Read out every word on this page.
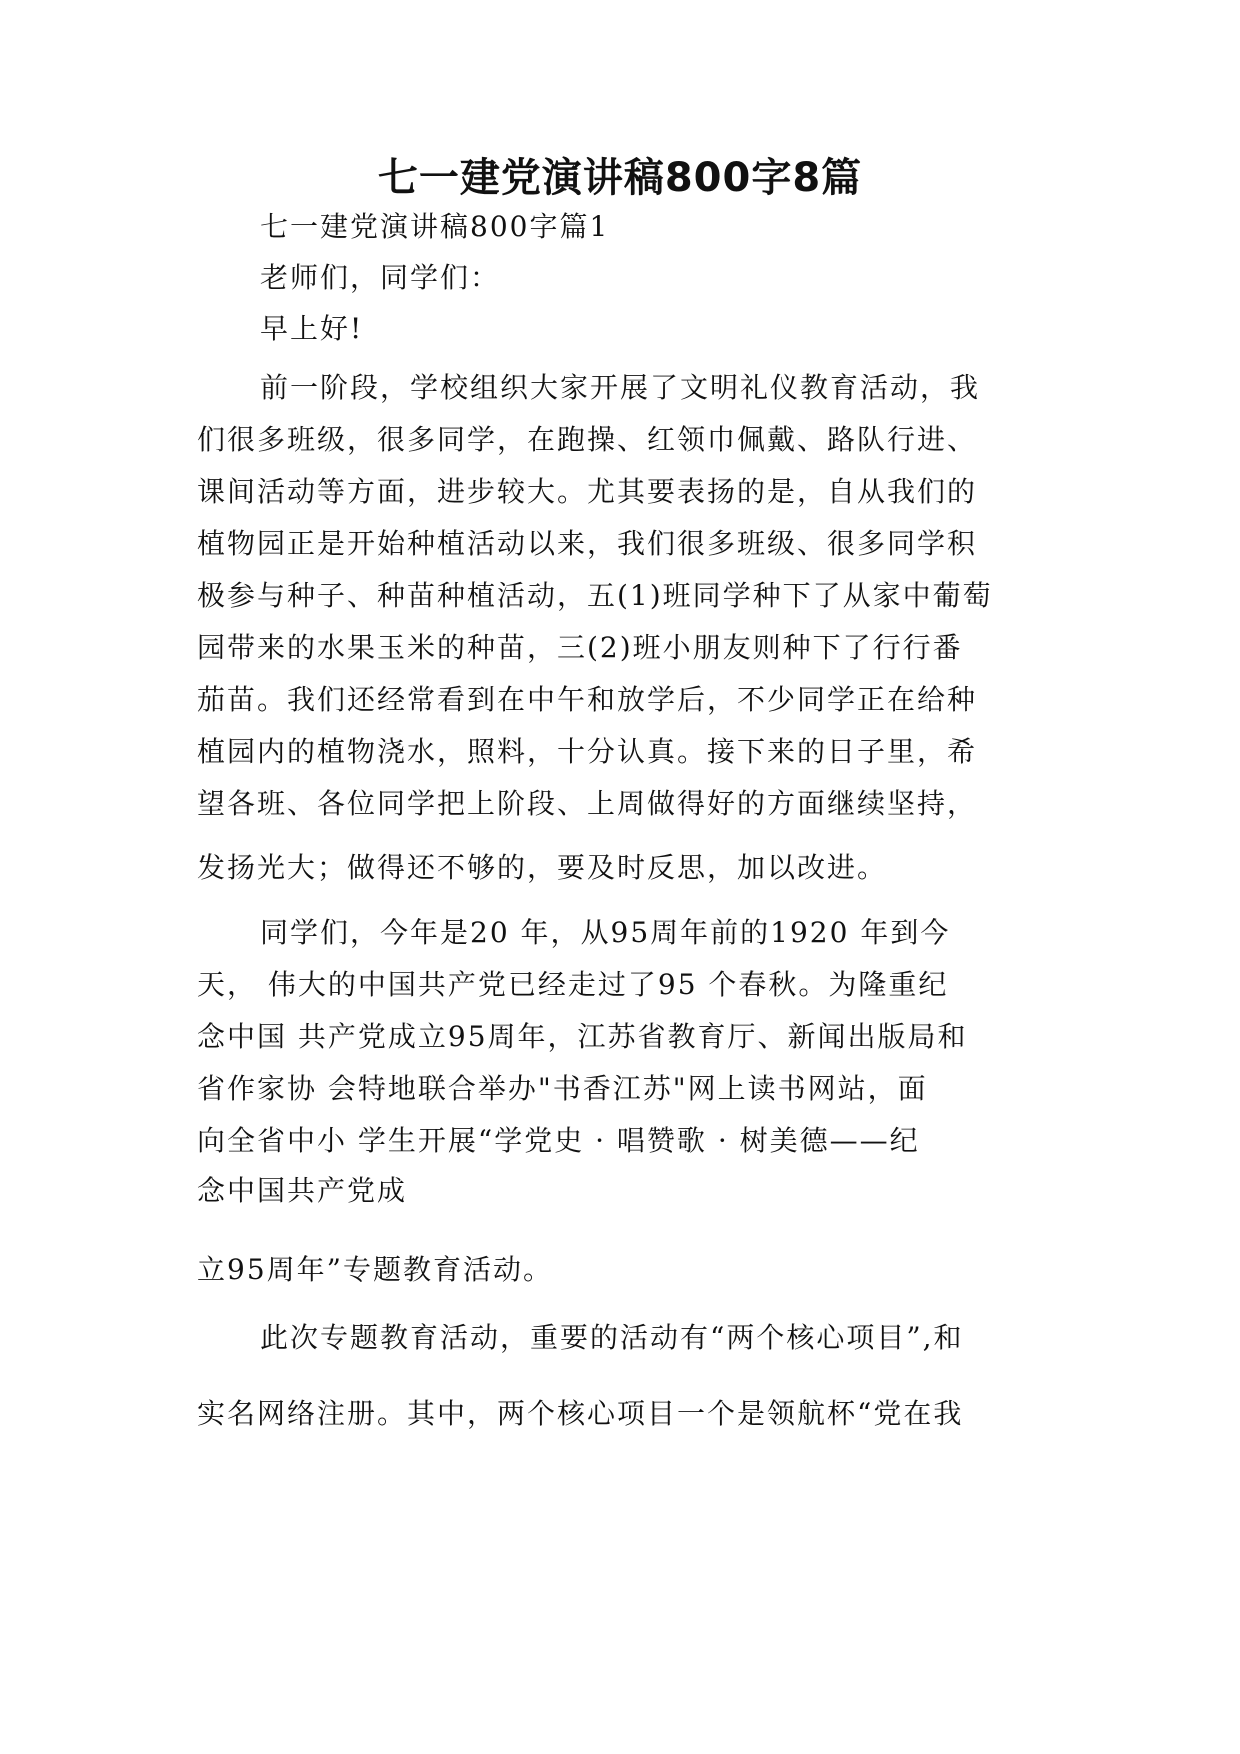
七一建党演讲稿800字8篇

七一建党演讲稿800字篇1

老师们，同学们：

早上好!

前一阶段，学校组织大家开展了文明礼仪教育活动，我

们很多班级，很多同学，在跑操、红领巾佩戴、路队行进、

课间活动等方面，进步较大。尤其要表扬的是，自从我们的

植物园正是开始种植活动以来，我们很多班级、很多同学积

极参与种子、种苗种植活动，五(1)班同学种下了从家中葡萄

园带来的水果玉米的种苗，三(2)班小朋友则种下了行行番

茄苗。我们还经常看到在中午和放学后，不少同学正在给种

植园内的植物浇水，照料，十分认真。接下来的日子里，希

望各班、各位同学把上阶段、上周做得好的方面继续坚持，

发扬光大；做得还不够的，要及时反思，加以改进。

同学们，今年是20 年，从95周年前的1920 年到今

天， 伟大的中国共产党已经走过了95 个春秋。为隆重纪

念中国 共产党成立95周年，江苏省教育厅、新闻出版局和

省作家协 会特地联合举办"书香江苏"网上读书网站，面

向全省中小 学生开展“学党史 · 唱赞歌 · 树美德——纪

念中国共产党成

立95周年”专题教育活动。

此次专题教育活动，重要的活动有“两个核心项目”,和

实名网络注册。其中，两个核心项目一个是领航杯“党在我
